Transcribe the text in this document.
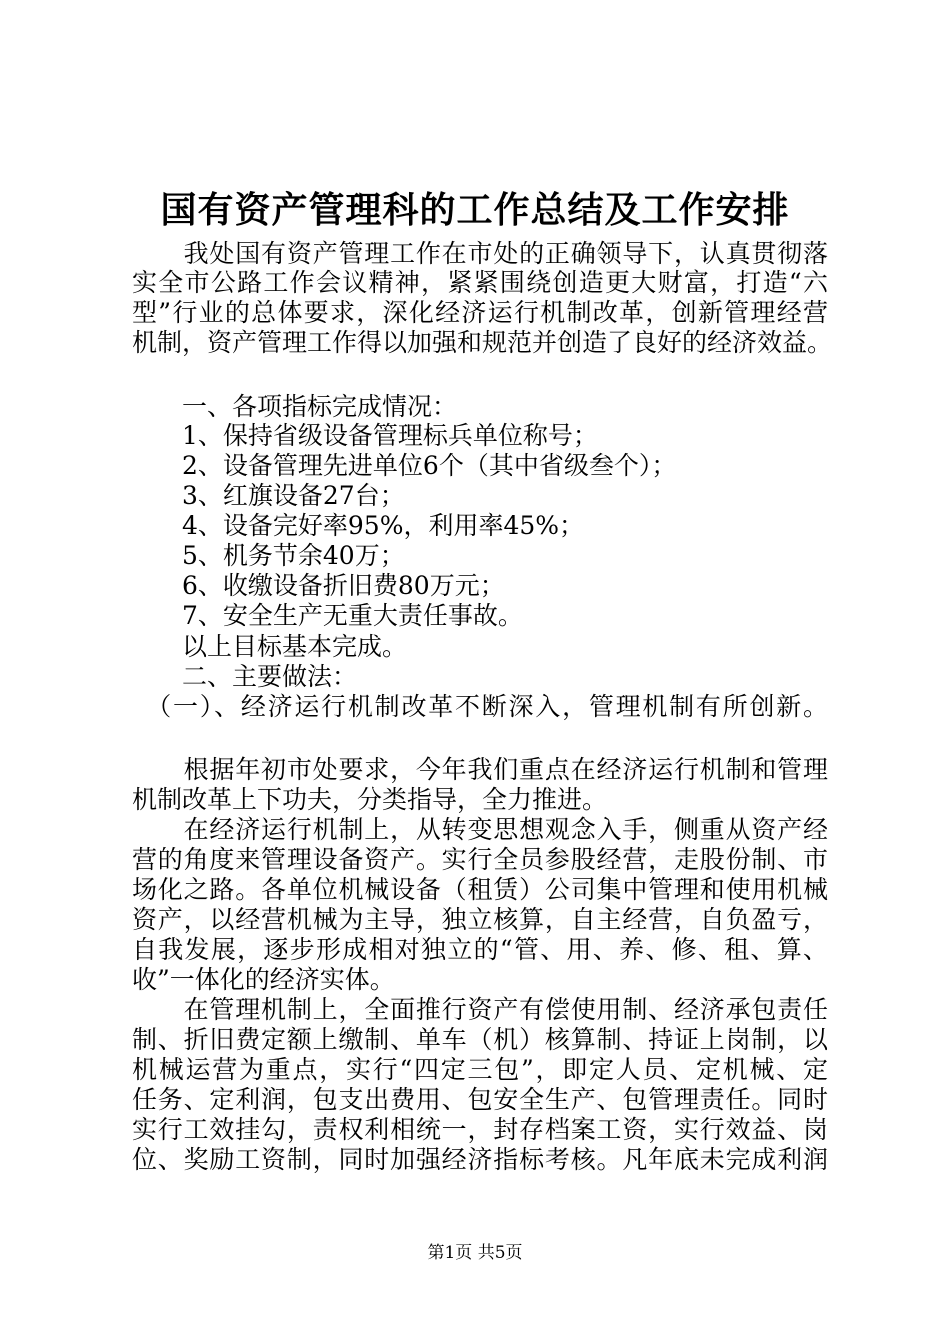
国有资产管理科的工作总结及工作安排
　　我处国有资产管理工作在市处的正确领导下，认真贯彻落
实全市公路工作会议精神，紧紧围绕创造更大财富，打造“六
型”行业的总体要求，深化经济运行机制改革，创新管理经营
机制，资产管理工作得以加强和规范并创造了良好的经济效益。
　　一、各项指标完成情况：
　　1、保持省级设备管理标兵单位称号；
　　2、设备管理先进单位6个（其中省级叁个）；
　　3、红旗设备27台；
　　4、设备完好率95%，利用率45%；
　　5、机务节余40万；
　　6、收缴设备折旧费80万元；
　　7、安全生产无重大责任事故。
　　以上目标基本完成。
　　二、主要做法：
　（一）、经济运行机制改革不断深入，管理机制有所创新。
　　根据年初市处要求，今年我们重点在经济运行机制和管理
机制改革上下功夫，分类指导，全力推进。
　　在经济运行机制上，从转变思想观念入手，侧重从资产经
营的角度来管理设备资产。实行全员参股经营，走股份制、市
场化之路。各单位机械设备（租赁）公司集中管理和使用机械
资产，以经营机械为主导，独立核算，自主经营，自负盈亏，
自我发展，逐步形成相对独立的“管、用、养、修、租、算、
收”一体化的经济实体。
　　在管理机制上，全面推行资产有偿使用制、经济承包责任
制、折旧费定额上缴制、单车（机）核算制、持证上岗制，以
机械运营为重点，实行“四定三包”，即定人员、定机械、定
任务、定利润，包支出费用、包安全生产、包管理责任。同时
实行工效挂勾，责权利相统一，封存档案工资，实行效益、岗
位、奖励工资制，同时加强经济指标考核。凡年底未完成利润
第1页 共5页
